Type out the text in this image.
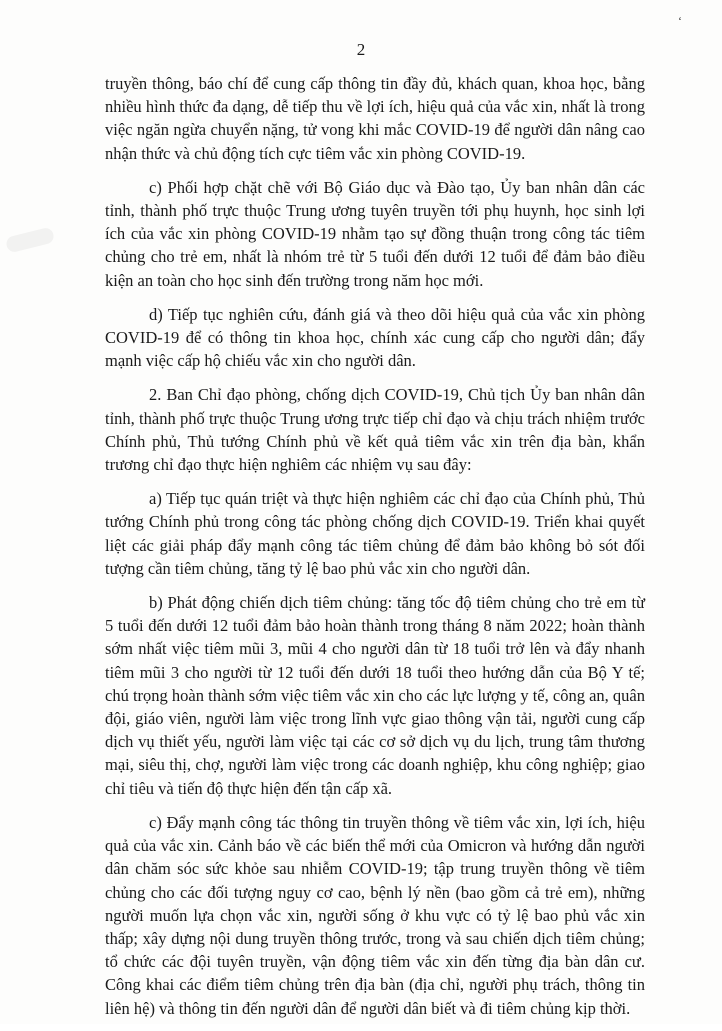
ʻ
2

truyền thông, báo chí để cung cấp thông tin đầy đủ, khách quan, khoa học, bằng nhiều hình thức đa dạng, dễ tiếp thu về lợi ích, hiệu quả của vắc xin, nhất là trong việc ngăn ngừa chuyển nặng, tử vong khi mắc COVID-19 để người dân nâng cao nhận thức và chủ động tích cực tiêm vắc xin phòng COVID-19.

c) Phối hợp chặt chẽ với Bộ Giáo dục và Đào tạo, Ủy ban nhân dân các tỉnh, thành phố trực thuộc Trung ương tuyên truyền tới phụ huynh, học sinh lợi ích của vắc xin phòng COVID-19 nhằm tạo sự đồng thuận trong công tác tiêm chủng cho trẻ em, nhất là nhóm trẻ từ 5 tuổi đến dưới 12 tuổi để đảm bảo điều kiện an toàn cho học sinh đến trường trong năm học mới.

d) Tiếp tục nghiên cứu, đánh giá và theo dõi hiệu quả của vắc xin phòng COVID-19 để có thông tin khoa học, chính xác cung cấp cho người dân; đẩy mạnh việc cấp hộ chiếu vắc xin cho người dân.

2. Ban Chỉ đạo phòng, chống dịch COVID-19, Chủ tịch Ủy ban nhân dân tỉnh, thành phố trực thuộc Trung ương trực tiếp chỉ đạo và chịu trách nhiệm trước Chính phủ, Thủ tướng Chính phủ về kết quả tiêm vắc xin trên địa bàn, khẩn trương chỉ đạo thực hiện nghiêm các nhiệm vụ sau đây:

a) Tiếp tục quán triệt và thực hiện nghiêm các chỉ đạo của Chính phủ, Thủ tướng Chính phủ trong công tác phòng chống dịch COVID-19. Triển khai quyết liệt các giải pháp đẩy mạnh công tác tiêm chủng để đảm bảo không bỏ sót đối tượng cần tiêm chủng, tăng tỷ lệ bao phủ vắc xin cho người dân.

b) Phát động chiến dịch tiêm chủng: tăng tốc độ tiêm chủng cho trẻ em từ 5 tuổi đến dưới 12 tuổi đảm bảo hoàn thành trong tháng 8 năm 2022; hoàn thành sớm nhất việc tiêm mũi 3, mũi 4 cho người dân từ 18 tuổi trở lên và đẩy nhanh tiêm mũi 3 cho người từ 12 tuổi đến dưới 18 tuổi theo hướng dẫn của Bộ Y tế; chú trọng hoàn thành sớm việc tiêm vắc xin cho các lực lượng y tế, công an, quân đội, giáo viên, người làm việc trong lĩnh vực giao thông vận tải, người cung cấp dịch vụ thiết yếu, người làm việc tại các cơ sở dịch vụ du lịch, trung tâm thương mại, siêu thị, chợ, người làm việc trong các doanh nghiệp, khu công nghiệp; giao chỉ tiêu và tiến độ thực hiện đến tận cấp xã.

c) Đẩy mạnh công tác thông tin truyền thông về tiêm vắc xin, lợi ích, hiệu quả của vắc xin. Cảnh báo về các biến thể mới của Omicron và hướng dẫn người dân chăm sóc sức khỏe sau nhiễm COVID-19; tập trung truyền thông về tiêm chủng cho các đối tượng nguy cơ cao, bệnh lý nền (bao gồm cả trẻ em), những người muốn lựa chọn vắc xin, người sống ở khu vực có tỷ lệ bao phủ vắc xin thấp; xây dựng nội dung truyền thông trước, trong và sau chiến dịch tiêm chủng; tổ chức các đội tuyên truyền, vận động tiêm vắc xin đến từng địa bàn dân cư. Công khai các điểm tiêm chủng trên địa bàn (địa chỉ, người phụ trách, thông tin liên hệ) và thông tin đến người dân để người dân biết và đi tiêm chủng kịp thời.
